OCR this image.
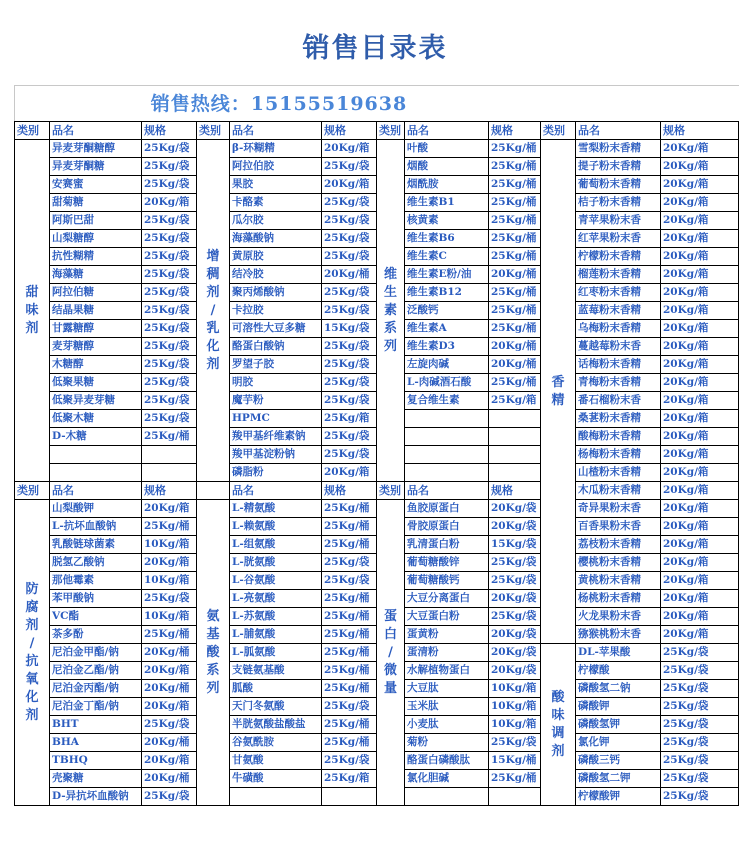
销售目录表
销售热线：15155519638
类别	品名	规格	类别	品名	规格	类别	品名	规格	类别	品名	规格
甜味剂	异麦芽酮糖醇	25Kg/袋	增稠剂/乳化剂	β-环糊精	20Kg/箱	维生素系列	叶酸	25Kg/桶	香精	雪梨粉末香精	20Kg/箱
	异麦芽酮糖	25Kg/袋		阿拉伯胶	25Kg/袋		烟酸	25Kg/桶		提子粉末香精	20Kg/箱
	安赛蜜	25Kg/袋		果胶	20Kg/箱		烟酰胺	25Kg/桶		葡萄粉末香精	20Kg/箱
	甜菊糖	20Kg/箱		卡酪素	25Kg/袋		维生素B1	25Kg/桶		桔子粉末香精	20Kg/箱
	阿斯巴甜	25Kg/袋		瓜尔胶	25Kg/袋		核黄素	25Kg/桶		青苹果粉末香	20Kg/箱
	山梨糖醇	25Kg/袋		海藻酸钠	25Kg/袋		维生素B6	25Kg/桶		红苹果粉末香	20Kg/箱
	抗性糊精	25Kg/袋		黄原胶	25Kg/袋		维生素C	25Kg/桶		柠檬粉末香精	20Kg/箱
	海藻糖	25Kg/袋		结冷胶	20Kg/桶		维生素E粉/油	20Kg/桶		榴莲粉末香精	20Kg/箱
	阿拉伯糖	25Kg/袋		聚丙烯酸钠	25Kg/袋		维生素B12	25Kg/桶		红枣粉末香精	20Kg/箱
	结晶果糖	25Kg/袋		卡拉胶	25Kg/袋		泛酸钙	25Kg/桶		蓝莓粉末香精	20Kg/箱
	甘露糖醇	25Kg/袋		可溶性大豆多糖	15Kg/袋		维生素A	25Kg/桶		乌梅粉末香精	20Kg/箱
	麦芽糖醇	25Kg/袋		酪蛋白酸钠	25Kg/袋		维生素D3	20Kg/桶		蔓越莓粉末香	20Kg/箱
	木糖醇	25Kg/袋		罗望子胶	25Kg/袋		左旋肉碱	20Kg/桶		话梅粉末香精	20Kg/箱
	低聚果糖	25Kg/袋		明胶	25Kg/袋		L-肉碱酒石酸	25Kg/桶		青梅粉末香精	20Kg/箱
	低聚异麦芽糖	25Kg/袋		魔芋粉	25Kg/袋		复合维生素	25Kg/箱		番石榴粉末香	20Kg/箱
	低聚木糖	25Kg/袋		HPMC	25Kg/箱					桑葚粉末香精	20Kg/箱
	D-木糖	25Kg/桶		羧甲基纤维素钠	25Kg/袋					酸梅粉末香精	20Kg/箱
				羧甲基淀粉钠	25Kg/袋					杨梅粉末香精	20Kg/箱
				磷脂粉	20Kg/箱					山楂粉末香精	20Kg/箱
类别	品名	规格		品名	规格	类别	品名	规格		木瓜粉末香精	20Kg/箱
防腐剂/抗氧化剂	山梨酸钾	20Kg/箱	氨基酸系列	L-精氨酸	25Kg/桶	蛋白/微量	鱼胶原蛋白	20Kg/袋		奇异果粉末香	20Kg/箱
	L-抗坏血酸钠	25Kg/桶		L-赖氨酸	25Kg/桶		骨胶原蛋白	20Kg/袋		百香果粉末香	20Kg/箱
	乳酸链球菌素	10Kg/箱		L-组氨酸	25Kg/桶		乳清蛋白粉	15Kg/袋		荔枝粉末香精	20Kg/箱
	脱氢乙酸钠	20Kg/箱		L-胱氨酸	25Kg/袋		葡萄糖酸锌	25Kg/袋		樱桃粉末香精	20Kg/箱
	那他霉素	10Kg/箱		L-谷氨酸	25Kg/袋		葡萄糖酸钙	25Kg/袋		黄桃粉末香精	20Kg/箱
	苯甲酸钠	25Kg/袋		L-亮氨酸	25Kg/桶		大豆分离蛋白	20Kg/袋		杨桃粉末香精	20Kg/箱
	VC酯	10Kg/箱		L-苏氨酸	25Kg/桶		大豆蛋白粉	25Kg/袋		火龙果粉末香	20Kg/箱
	茶多酚	25Kg/桶		L-脯氨酸	25Kg/桶		蛋黄粉	20Kg/袋		猕猴桃粉末香	20Kg/箱
	尼泊金甲酯/钠	20Kg/桶		L-胍氨酸	25Kg/桶		蛋清粉	20Kg/袋	酸味调剂	DL-苹果酸	25Kg/袋
	尼泊金乙酯/钠	20Kg/箱		支链氨基酸	25Kg/桶		水解植物蛋白	20Kg/袋		柠檬酸	25Kg/袋
	尼泊金丙酯/钠	20Kg/桶		胍酸	25Kg/桶		大豆肽	10Kg/箱		磷酸氢二钠	25Kg/袋
	尼泊金丁酯/钠	20Kg/箱		天门冬氨酸	25Kg/袋		玉米肽	10Kg/箱		磷酸钾	25Kg/袋
	BHT	25Kg/袋		半胱氨酸盐酸盐	25Kg/桶		小麦肽	10Kg/箱		磷酸氢钾	25Kg/袋
	BHA	20Kg/桶		谷氨酰胺	25Kg/桶		菊粉	25Kg/袋		氯化钾	25Kg/袋
	TBHQ	20Kg/箱		甘氨酸	25Kg/袋		酪蛋白磷酸肽	15Kg/桶		磷酸三钙	25Kg/袋
	壳聚糖	20Kg/桶		牛磺酸	25Kg/箱		氯化胆碱	25Kg/桶		磷酸氢二钾	25Kg/袋
	D-异抗坏血酸钠	25Kg/袋								柠檬酸钾	25Kg/袋
